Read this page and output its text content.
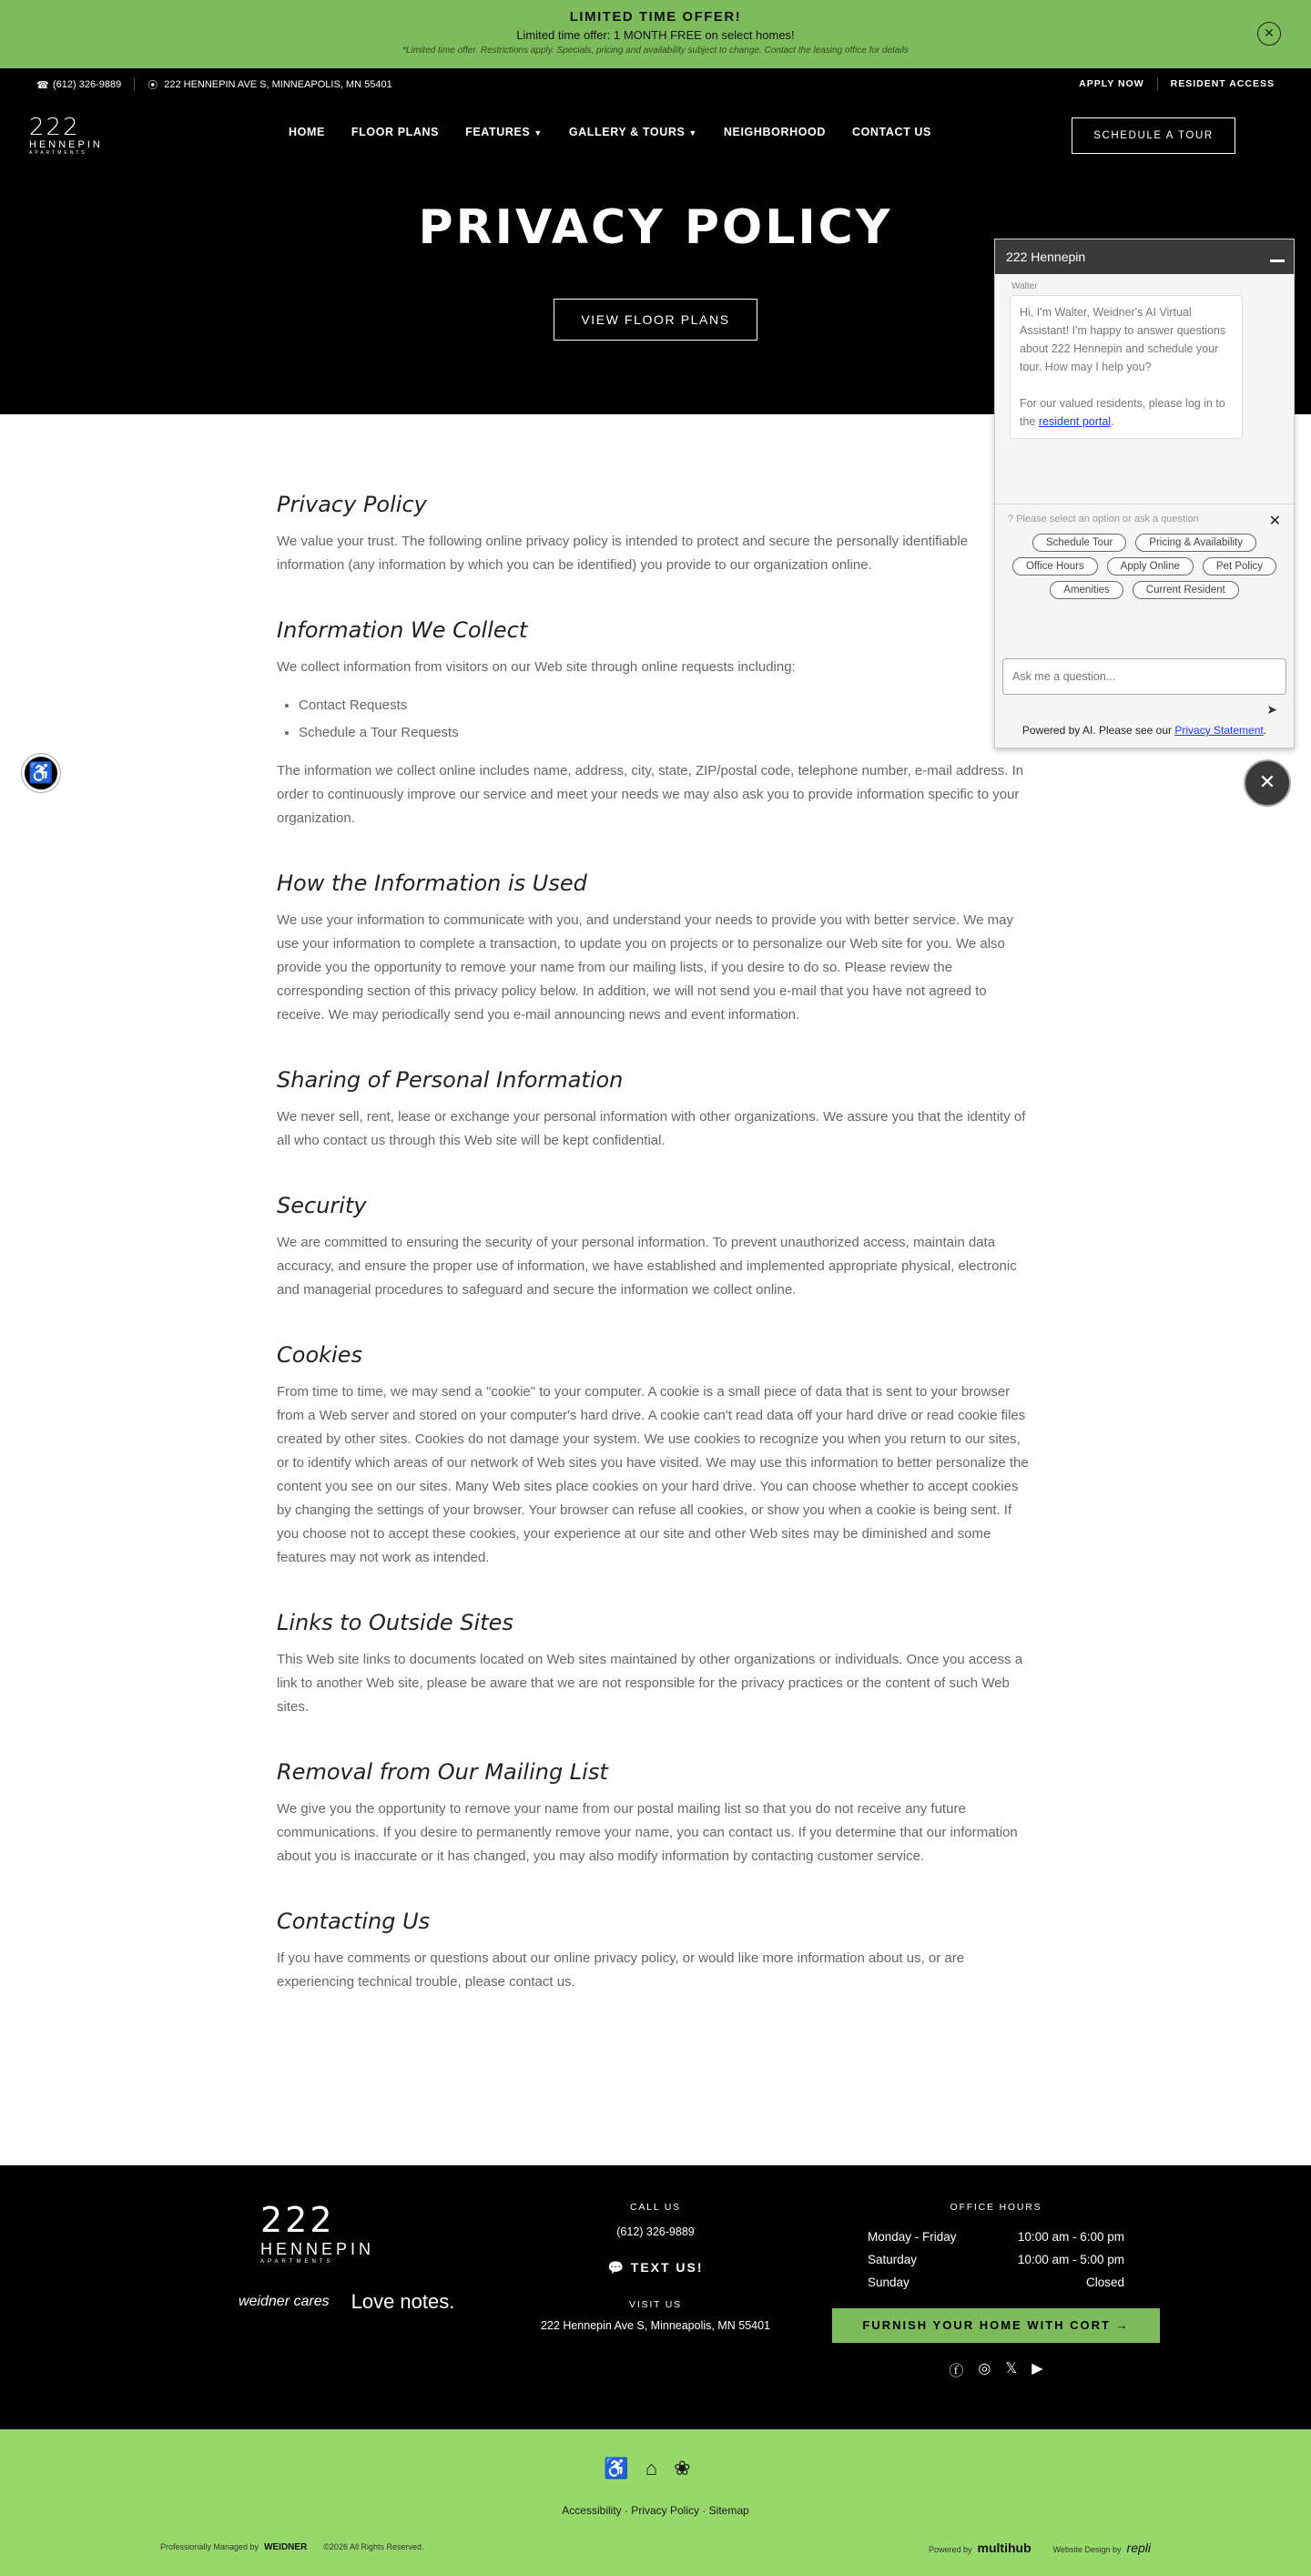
LIMITED TIME OFFER!
Limited time offer: 1 MONTH FREE on select homes!
*Limited time offer. Restrictions apply. Specials, pricing and availability subject to change. Contact the leasing office for details
✕
☎ (612) 326-9889	⦿ 222 HENNEPIN AVE S, MINNEAPOLIS, MN 55401	APPLY NOW	RESIDENT ACCESS
222
HENNEPIN
APARTMENTS
HOME FLOOR PLANS FEATURES ▼ GALLERY & TOURS ▼ NEIGHBORHOOD CONTACT US	SCHEDULE A TOUR
PRIVACY POLICY
VIEW FLOOR PLANS
Privacy Policy

We value your trust. The following online privacy policy is intended to protect and secure the personally identifiable information (any information by which you can be identified) you provide to our organization online.

Information We Collect

We collect information from visitors on our Web site through online requests including:

• Contact Requests
• Schedule a Tour Requests

The information we collect online includes name, address, city, state, ZIP/postal code, telephone number, e-mail address. In order to continuously improve our service and meet your needs we may also ask you to provide information specific to your organization.

How the Information is Used

We use your information to communicate with you, and understand your needs to provide you with better service. We may use your information to complete a transaction, to update you on projects or to personalize our Web site for you. We also provide you the opportunity to remove your name from our mailing lists, if you desire to do so. Please review the corresponding section of this privacy policy below. In addition, we will not send you e-mail that you have not agreed to receive. We may periodically send you e-mail announcing news and event information.

Sharing of Personal Information

We never sell, rent, lease or exchange your personal information with other organizations. We assure you that the identity of all who contact us through this Web site will be kept confidential.

Security

We are committed to ensuring the security of your personal information. To prevent unauthorized access, maintain data accuracy, and ensure the proper use of information, we have established and implemented appropriate physical, electronic and managerial procedures to safeguard and secure the information we collect online.

Cookies

From time to time, we may send a "cookie" to your computer. A cookie is a small piece of data that is sent to your browser from a Web server and stored on your computer's hard drive. A cookie can't read data off your hard drive or read cookie files created by other sites. Cookies do not damage your system. We use cookies to recognize you when you return to our sites, or to identify which areas of our network of Web sites you have visited. We may use this information to better personalize the content you see on our sites. Many Web sites place cookies on your hard drive. You can choose whether to accept cookies by changing the settings of your browser. Your browser can refuse all cookies, or show you when a cookie is being sent. If you choose not to accept these cookies, your experience at our site and other Web sites may be diminished and some features may not work as intended.

Links to Outside Sites

This Web site links to documents located on Web sites maintained by other organizations or individuals. Once you access a link to another Web site, please be aware that we are not responsible for the privacy practices or the content of such Web sites.

Removal from Our Mailing List

We give you the opportunity to remove your name from our postal mailing list so that you do not receive any future communications. If you desire to permanently remove your name, you can contact us. If you determine that our information about you is inaccurate or it has changed, you may also modify information by contacting customer service.

Contacting Us

If you have comments or questions about our online privacy policy, or would like more information about us, or are experiencing technical trouble, please contact us.

♿
222 Hennepin
Walter
Hi, I'm Walter, Weidner's AI Virtual Assistant! I'm happy to answer questions about 222 Hennepin and schedule your tour. How may I help you?
For our valued residents, please log in to the resident portal.
? Please select an option or ask a question	✕
Schedule Tour	Pricing & Availability
Office Hours	Apply Online	Pet Policy
Amenities	Current Resident
Ask me a question...
➤
Powered by AI. Please see our Privacy Statement.
✕
222
HENNEPIN
APARTMENTS
weidner cares Love notes.
CALL US
(612) 326-9889
💬 TEXT US!
VISIT US
222 Hennepin Ave S, Minneapolis, MN 55401
OFFICE HOURS
Monday - Friday	10:00 am - 6:00 pm
Saturday	10:00 am - 5:00 pm
Sunday	Closed
FURNISH YOUR HOME WITH CORT →
ⓕ ◎ 𝕏 ▶
♿⌂❀
Accessibility · Privacy Policy · Sitemap
Professionally Managed by WEIDNER ©2026 All Rights Reserved.	Powered by multihub	Website Design by repli
